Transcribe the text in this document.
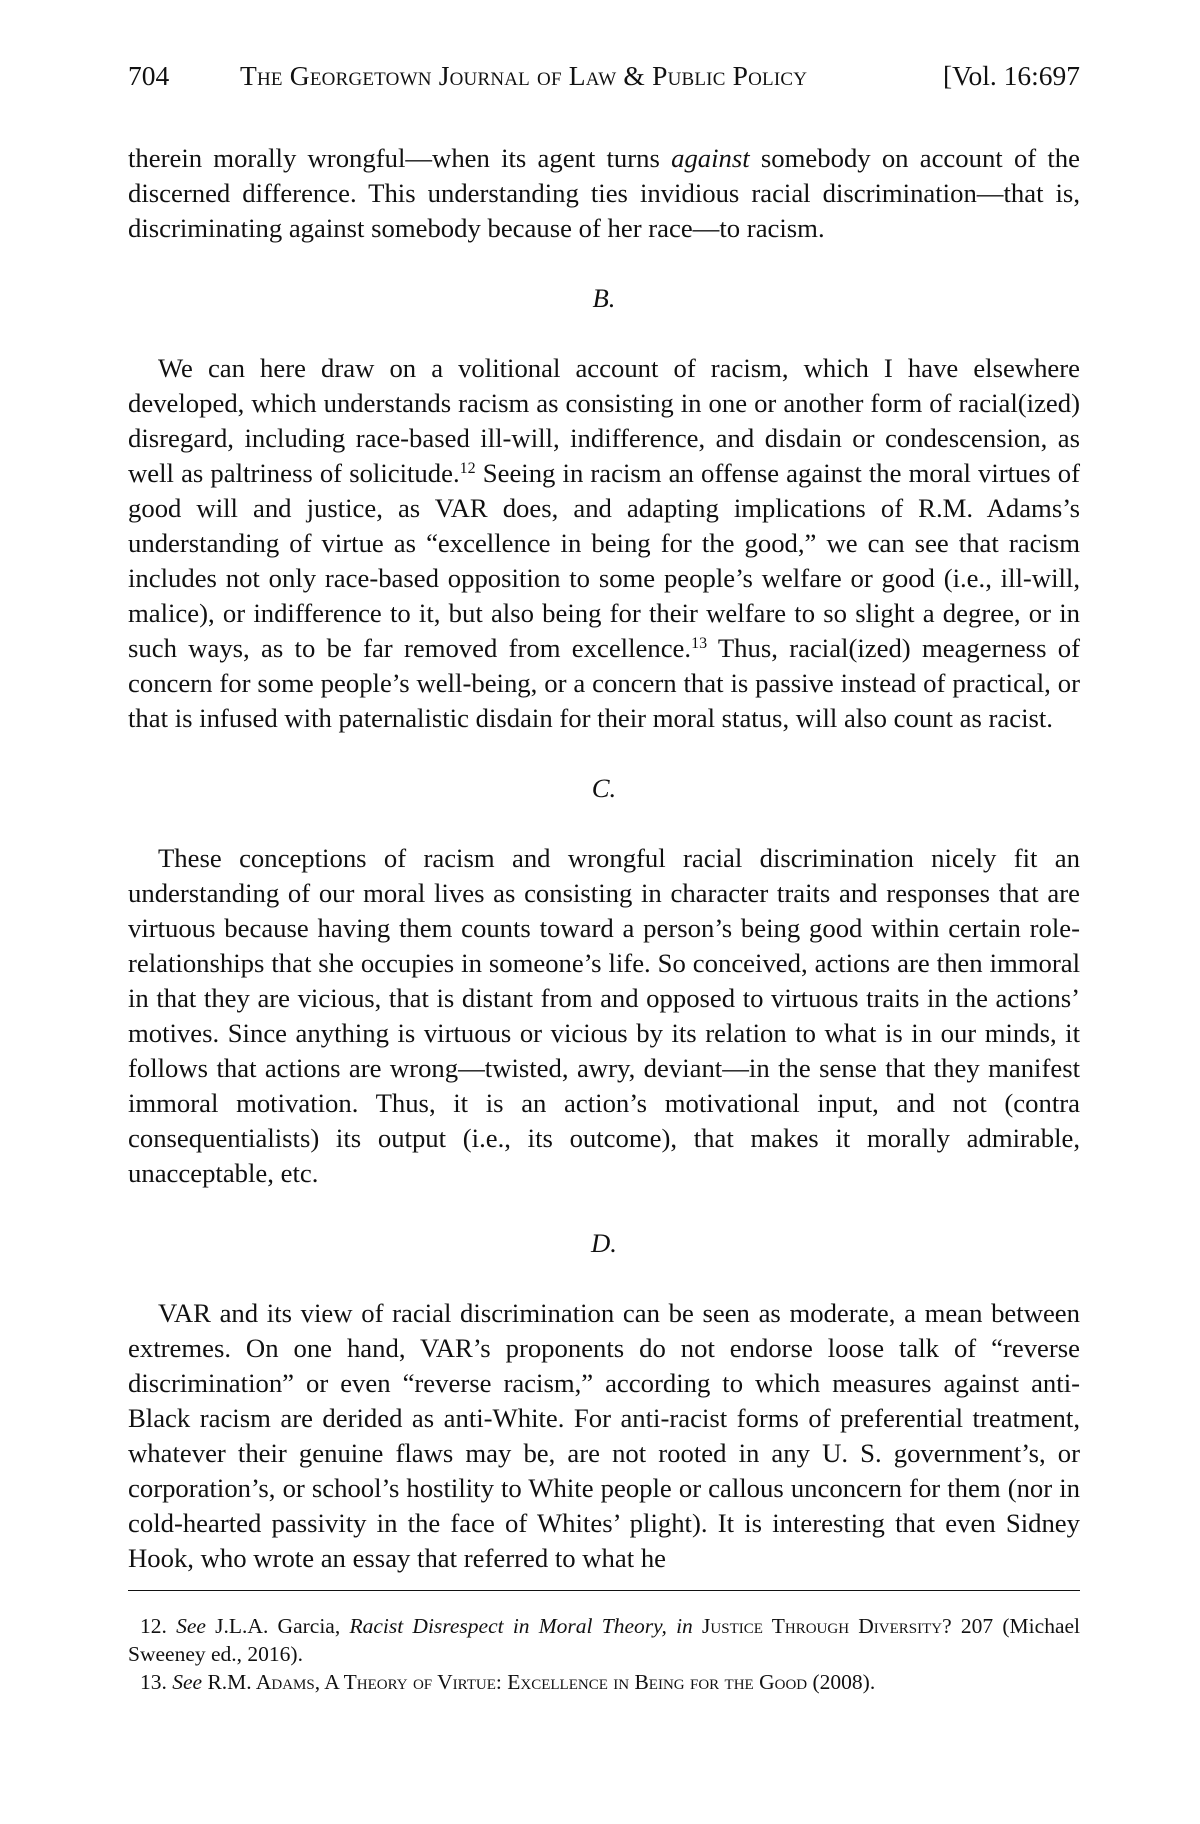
704	The Georgetown Journal of Law & Public Policy	[Vol. 16:697

therein morally wrongful—when its agent turns against somebody on account of the discerned difference. This understanding ties invidious racial discrimination—that is, discriminating against somebody because of her race—to racism.

B.

We can here draw on a volitional account of racism, which I have elsewhere developed, which understands racism as consisting in one or another form of racial(ized) disregard, including race-based ill-will, indifference, and disdain or condescension, as well as paltriness of solicitude.$^{12}$ Seeing in racism an offense against the moral virtues of good will and justice, as VAR does, and adapting implications of R.M. Adams’s understanding of virtue as “excellence in being for the good,” we can see that racism includes not only race-based opposition to some people’s welfare or good (i.e., ill-will, malice), or indifference to it, but also being for their welfare to so slight a degree, or in such ways, as to be far removed from excellence.$^{13}$ Thus, racial(ized) meagerness of concern for some people’s well-being, or a concern that is passive instead of practical, or that is infused with paternalistic disdain for their moral status, will also count as racist.

C.

These conceptions of racism and wrongful racial discrimination nicely fit an understanding of our moral lives as consisting in character traits and responses that are virtuous because having them counts toward a person’s being good within certain role-relationships that she occupies in someone’s life. So conceived, actions are then immoral in that they are vicious, that is distant from and opposed to virtuous traits in the actions’ motives. Since anything is virtuous or vicious by its relation to what is in our minds, it follows that actions are wrong—twisted, awry, deviant—in the sense that they manifest immoral motivation. Thus, it is an action’s motivational input, and not (contra consequentialists) its output (i.e., its outcome), that makes it morally admirable, unacceptable, etc.

D.

VAR and its view of racial discrimination can be seen as moderate, a mean between extremes. On one hand, VAR’s proponents do not endorse loose talk of “reverse discrimination” or even “reverse racism,” according to which measures against anti-Black racism are derided as anti-White. For anti-racist forms of preferential treatment, whatever their genuine flaws may be, are not rooted in any U. S. government’s, or corporation’s, or school’s hostility to White people or callous unconcern for them (nor in cold-hearted passivity in the face of Whites’ plight). It is interesting that even Sidney Hook, who wrote an essay that referred to what he

12. See J.L.A. Garcia, Racist Disrespect in Moral Theory, in Justice Through Diversity? 207 (Michael Sweeney ed., 2016).

13. See R.M. Adams, A Theory of Virtue: Excellence in Being for the Good (2008).
